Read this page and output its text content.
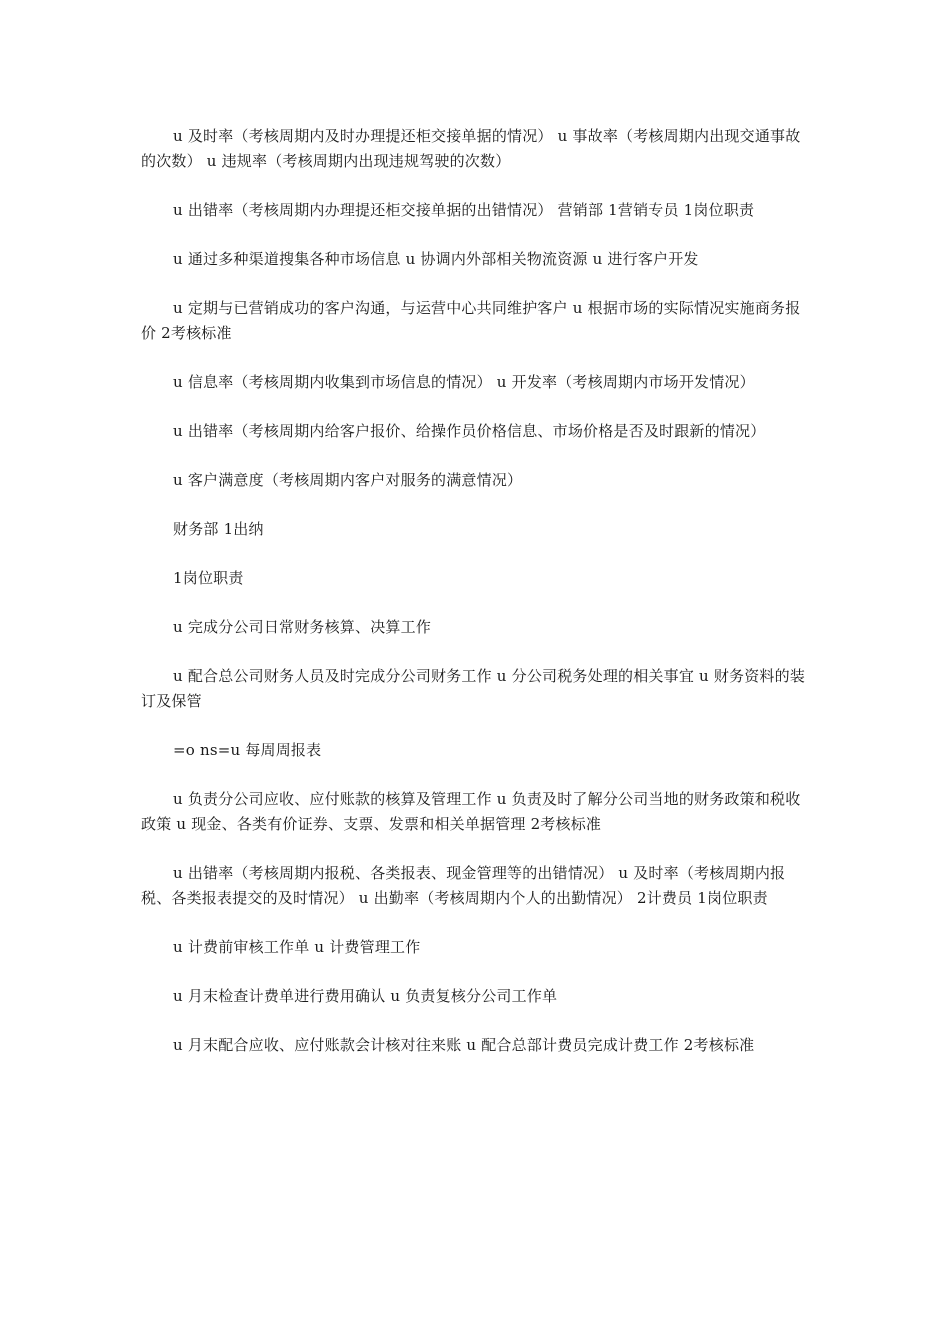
u 及时率（考核周期内及时办理提还柜交接单据的情况） u 事故率（考核周期内出现交通事故的次数） u 违规率（考核周期内出现违规驾驶的次数）

u 出错率（考核周期内办理提还柜交接单据的出错情况） 营销部 1营销专员 1岗位职责

u 通过多种渠道搜集各种市场信息 u 协调内外部相关物流资源 u 进行客户开发

u 定期与已营销成功的客户沟通，与运营中心共同维护客户 u 根据市场的实际情况实施商务报价 2考核标准

u 信息率（考核周期内收集到市场信息的情况） u 开发率（考核周期内市场开发情况）

u 出错率（考核周期内给客户报价、给操作员价格信息、市场价格是否及时跟新的情况）

u 客户满意度（考核周期内客户对服务的满意情况）

财务部 1出纳

1岗位职责

u 完成分公司日常财务核算、决算工作

u 配合总公司财务人员及时完成分公司财务工作 u 分公司税务处理的相关事宜 u 财务资料的装订及保管

=o ns=u 每周周报表

u 负责分公司应收、应付账款的核算及管理工作 u 负责及时了解分公司当地的财务政策和税收政策 u 现金、各类有价证券、支票、发票和相关单据管理 2考核标准

u 出错率（考核周期内报税、各类报表、现金管理等的出错情况） u 及时率（考核周期内报税、各类报表提交的及时情况） u 出勤率（考核周期内个人的出勤情况） 2计费员 1岗位职责

u 计费前审核工作单 u 计费管理工作

u 月末检查计费单进行费用确认 u 负责复核分公司工作单

u 月末配合应收、应付账款会计核对往来账 u 配合总部计费员完成计费工作 2考核标准
